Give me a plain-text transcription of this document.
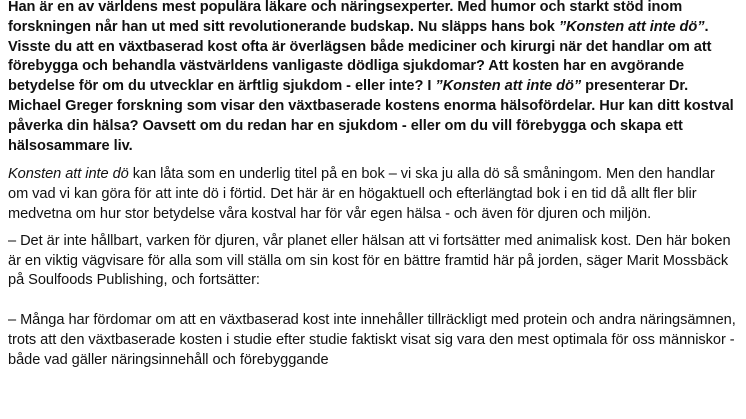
Han är en av världens mest populära läkare och näringsexperter. Med humor och starkt stöd inom forskningen når han ut med sitt revolutionerande budskap. Nu släpps hans bok ”Konsten att inte dö”. Visste du att en växtbaserad kost ofta är överlägsen både mediciner och kirurgi när det handlar om att förebygga och behandla västvärldens vanligaste dödliga sjukdomar? Att kosten har en avgörande betydelse för om du utvecklar en ärftlig sjukdom - eller inte? I ”Konsten att inte dö” presenterar Dr. Michael Greger forskning som visar den växtbaserade kostens enorma hälsofördelar. Hur kan ditt kostval påverka din hälsa? Oavsett om du redan har en sjukdom - eller om du vill förebygga och skapa ett hälsosammare liv.

Konsten att inte dö kan låta som en underlig titel på en bok – vi ska ju alla dö så småningom. Men den handlar om vad vi kan göra för att inte dö i förtid. Det här är en högaktuell och efterlängtad bok i en tid då allt fler blir medvetna om hur stor betydelse våra kostval har för vår egen hälsa - och även för djuren och miljön.

– Det är inte hållbart, varken för djuren, vår planet eller hälsan att vi fortsätter med animalisk kost. Den här boken är en viktig vägvisare för alla som vill ställa om sin kost för en bättre framtid här på jorden, säger Marit Mossbäck på Soulfoods Publishing, och fortsätter:

– Många har fördomar om att en växtbaserad kost inte innehåller tillräckligt med protein och andra näringsämnen, trots att den växtbaserade kosten i studie efter studie faktiskt visat sig vara den mest optimala för oss människor - både vad gäller näringsinnehåll och förebyggande
